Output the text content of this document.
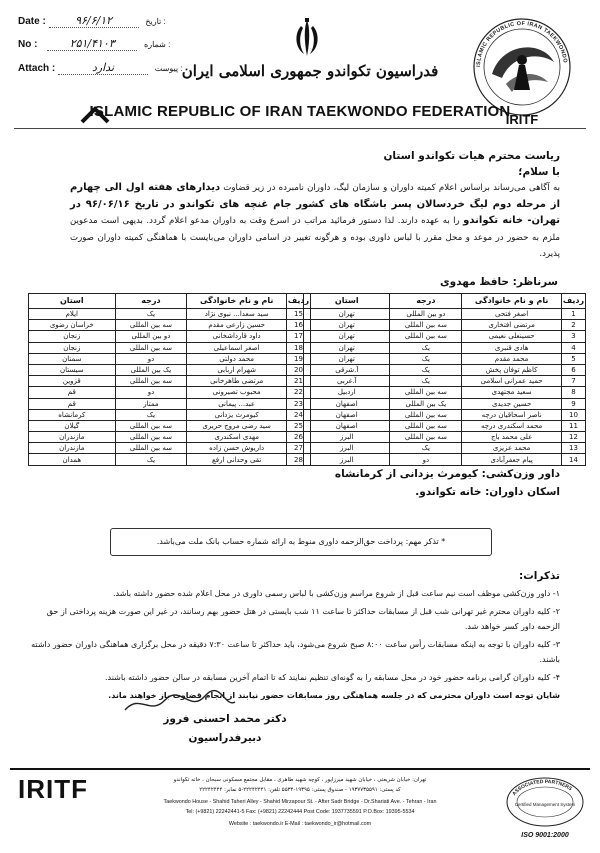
Date :	۹۶/۶/۱۲	تاریخ :
No :	۲۵۱/۴۱۰۳	شماره :
Attach :	ندارد	پیوست : فدراسیون تکواندو جمهوری اسلامی ایران
IRITF
ISLAMIC REPUBLIC OF IRAN TAEKWONDO
ISLAMIC REPUBLIC OF IRAN TAEKWONDO FEDERATION
ریاست محترم هیات تکواندو استان
با سلام؛
به آگاهی می‌رساند براساس اعلام کمیته داوران و سازمان لیگ، داوران نامبرده در زیر قضاوت دیدارهای هفته اول الی چهارم از مرحله دوم لیگ خردسالان پسر باشگاه های کشور جام غنچه های تکواندو در تاریخ ۹۶/۰۶/۱۶ در تهران- خانه تکواندو را به عهده دارند. لذا دستور فرمائید مراتب در اسرع وقت به داوران مدعو اعلام گردد. بدیهی است مدعوین ملزم به حضور در موعد و محل مقرر با لباس داوری بوده و هرگونه تغییر در اسامی داوران می‌بایست با هماهنگی کمیته داوران صورت پذیرد.
سرناظر: حافظ مهدوی
ردیف	نام و نام خانوادگی	درجه	استان
1	اصغر فتحی	دو بین المللی	تهران
2	مرتضی افتخاری	سه بین المللی	تهران
3	حسینعلی نعیمی	سه بین المللی	تهران
4	هادی قنبری	یک	تهران
5	محمد مقدم	یک	تهران
6	کاظم توفان پخش	یک	آ.شرقی
7	حمید عمرانی اسلامی	یک	آ.غربی
8	سعید مجتهدی	سه بین المللی	اردبیل
9	حسین جدیدی	یک بین المللی	اصفهان
10	ناصر اسحاقیان درچه	سه بین المللی	اصفهان
11	محمد اسکندری درچه	سه بین المللی	اصفهان
12	علی محمد باج	سه بین المللی	البرز
13	محمد عزیزی	یک	البرز
14	پیام جعفرآبادی	دو	البرز
ردیف	نام و نام خانوادگی	درجه	استان
15	سید سعدا... نبوی نژاد	یک	ایلام
16	حسین زارعی مقدم	سه بین المللی	خراسان رضوی
17	داود قارداشخانی	دو بین المللی	زنجان
18	اصغر اسماعیلی	سه بین المللی	زنجان
19	محمد دولتی	دو	سمنان
20	شهرام اربابی	یک بین المللی	سیستان
21	مرتضی طاهرخانی	سه بین المللی	قزوین
22	محبوب تصیرونی	دو	قم
23	عبد... پیمانی	ممتاز	قم
24	کیومرث یزدانی	یک	کرمانشاه
25	سید رضی مروج حریری	سه بین المللی	گیلان
26	مهدی اسکندری	سه بین المللی	مازندران
27	داریوش حسن زاده	سه بین المللی	مازندران
28	تقی وحدانی ارفع	یک	همدان
داور وزن‌کشی: کیومرث یزدانی از کرمانشاه
اسکان داوران: خانه تکواندو.
* تذکر مهم: پرداخت حق‌الزحمه داوری منوط به ارائه شماره حساب بانک ملت می‌باشد.
تذکرات:
۱- داور وزن‌کشی موظف است نیم ساعت قبل از شروع مراسم وزن‌کشی با لباس رسمی داوری در محل اعلام شده حضور داشته باشد.
۲- کلیه داوران محترم غیر تهرانی شب قبل از مسابقات حداکثر تا ساعت ۱۱ شب بایستی در هتل حضور بهم رسانند، در غیر این صورت هزینه پرداختی از حق الزحمه داور کسر خواهد شد.
۳- کلیه داوران با توجه به اینکه مسابقات رأس ساعت ۸:۰۰ صبح شروع می‌شود، باید حداکثر تا ساعت ۷:۳۰ دقیقه در محل برگزاری هماهنگی داوران حضور داشته باشند.
۴- کلیه داوران گرامی برنامه حضور خود در محل مسابقه را به گونه‌ای تنظیم نمایند که تا اتمام آخرین مسابقه در سالن حضور داشته باشند.
شایان توجه است داوران محترمی که در جلسه هماهنگی روز مسابقات حضور نیابند از انجام قضاوت باز خواهند ماند.
دکتر محمد احسنی فروز
دبیرفدراسیون
IRITF	تهران: خیابان شریعتی ، خیابان شهید میرزاپور ، کوچه شهید طاهری ، مقابل مجتمع مسکونی سبحان ، خانه تکواندو
کد پستی: ۱۹۳۷۷۳۵۵۹۱ - صندوق پستی: ۱۹۳۹۵-۵۵۳۴ تلفن: ۲۲۲۴۲۴۴۱-۵ نمابر: ۲۲۲۴۲۴۴۴
Taekwondo House - Shahid Taheri Alley - Shahid Mirzapour St. - After Sadr Bridge - Dr.Shariati Ave. - Tehran - Iran
Tel: (+9821) 22242441-5 Fax: (+9821) 22242444 Post Code: 1937735591 P.O.Box: 19395-5534
Website : taekwondo.ir E-Mail : taekwondo_ir@hotmail.com
ASSOCIATED PARTNERS
Certified Management System
ISO 9001:2000
